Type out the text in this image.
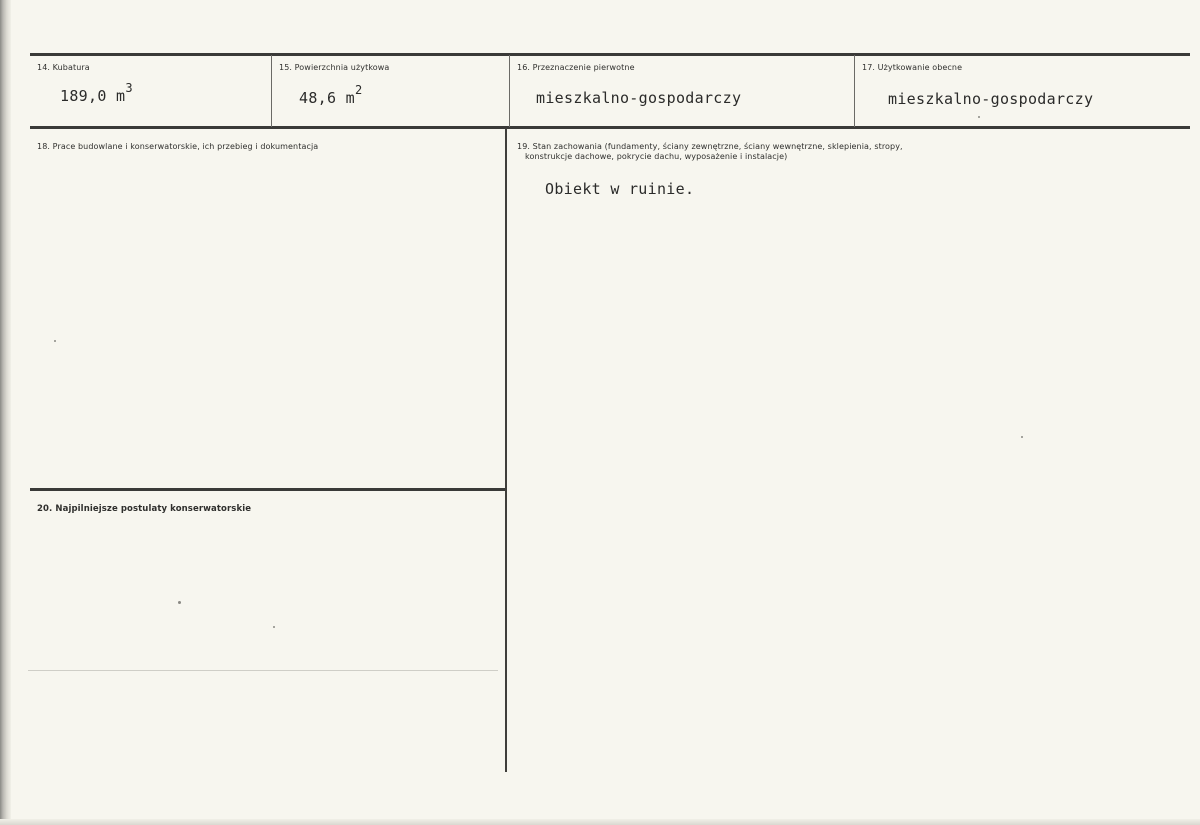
14. Kubatura
189,0 $m^3$
15. Powierzchnia użytkowa
48,6 $m^2$
16. Przeznaczenie pierwotne
mieszkalno-gospodarczy
17. Użytkowanie obecne
mieszkalno-gospodarczy
18. Prace budowlane i konserwatorskie, ich przebieg i dokumentacja	19. Stan zachowania (fundamenty, ściany zewnętrzne, ściany wewnętrzne, sklepienia, stropy,
konstrukcje dachowe, pokrycie dachu, wyposażenie i instalacje)
Obiekt w ruinie.
20. Najpilniejsze postulaty konserwatorskie
